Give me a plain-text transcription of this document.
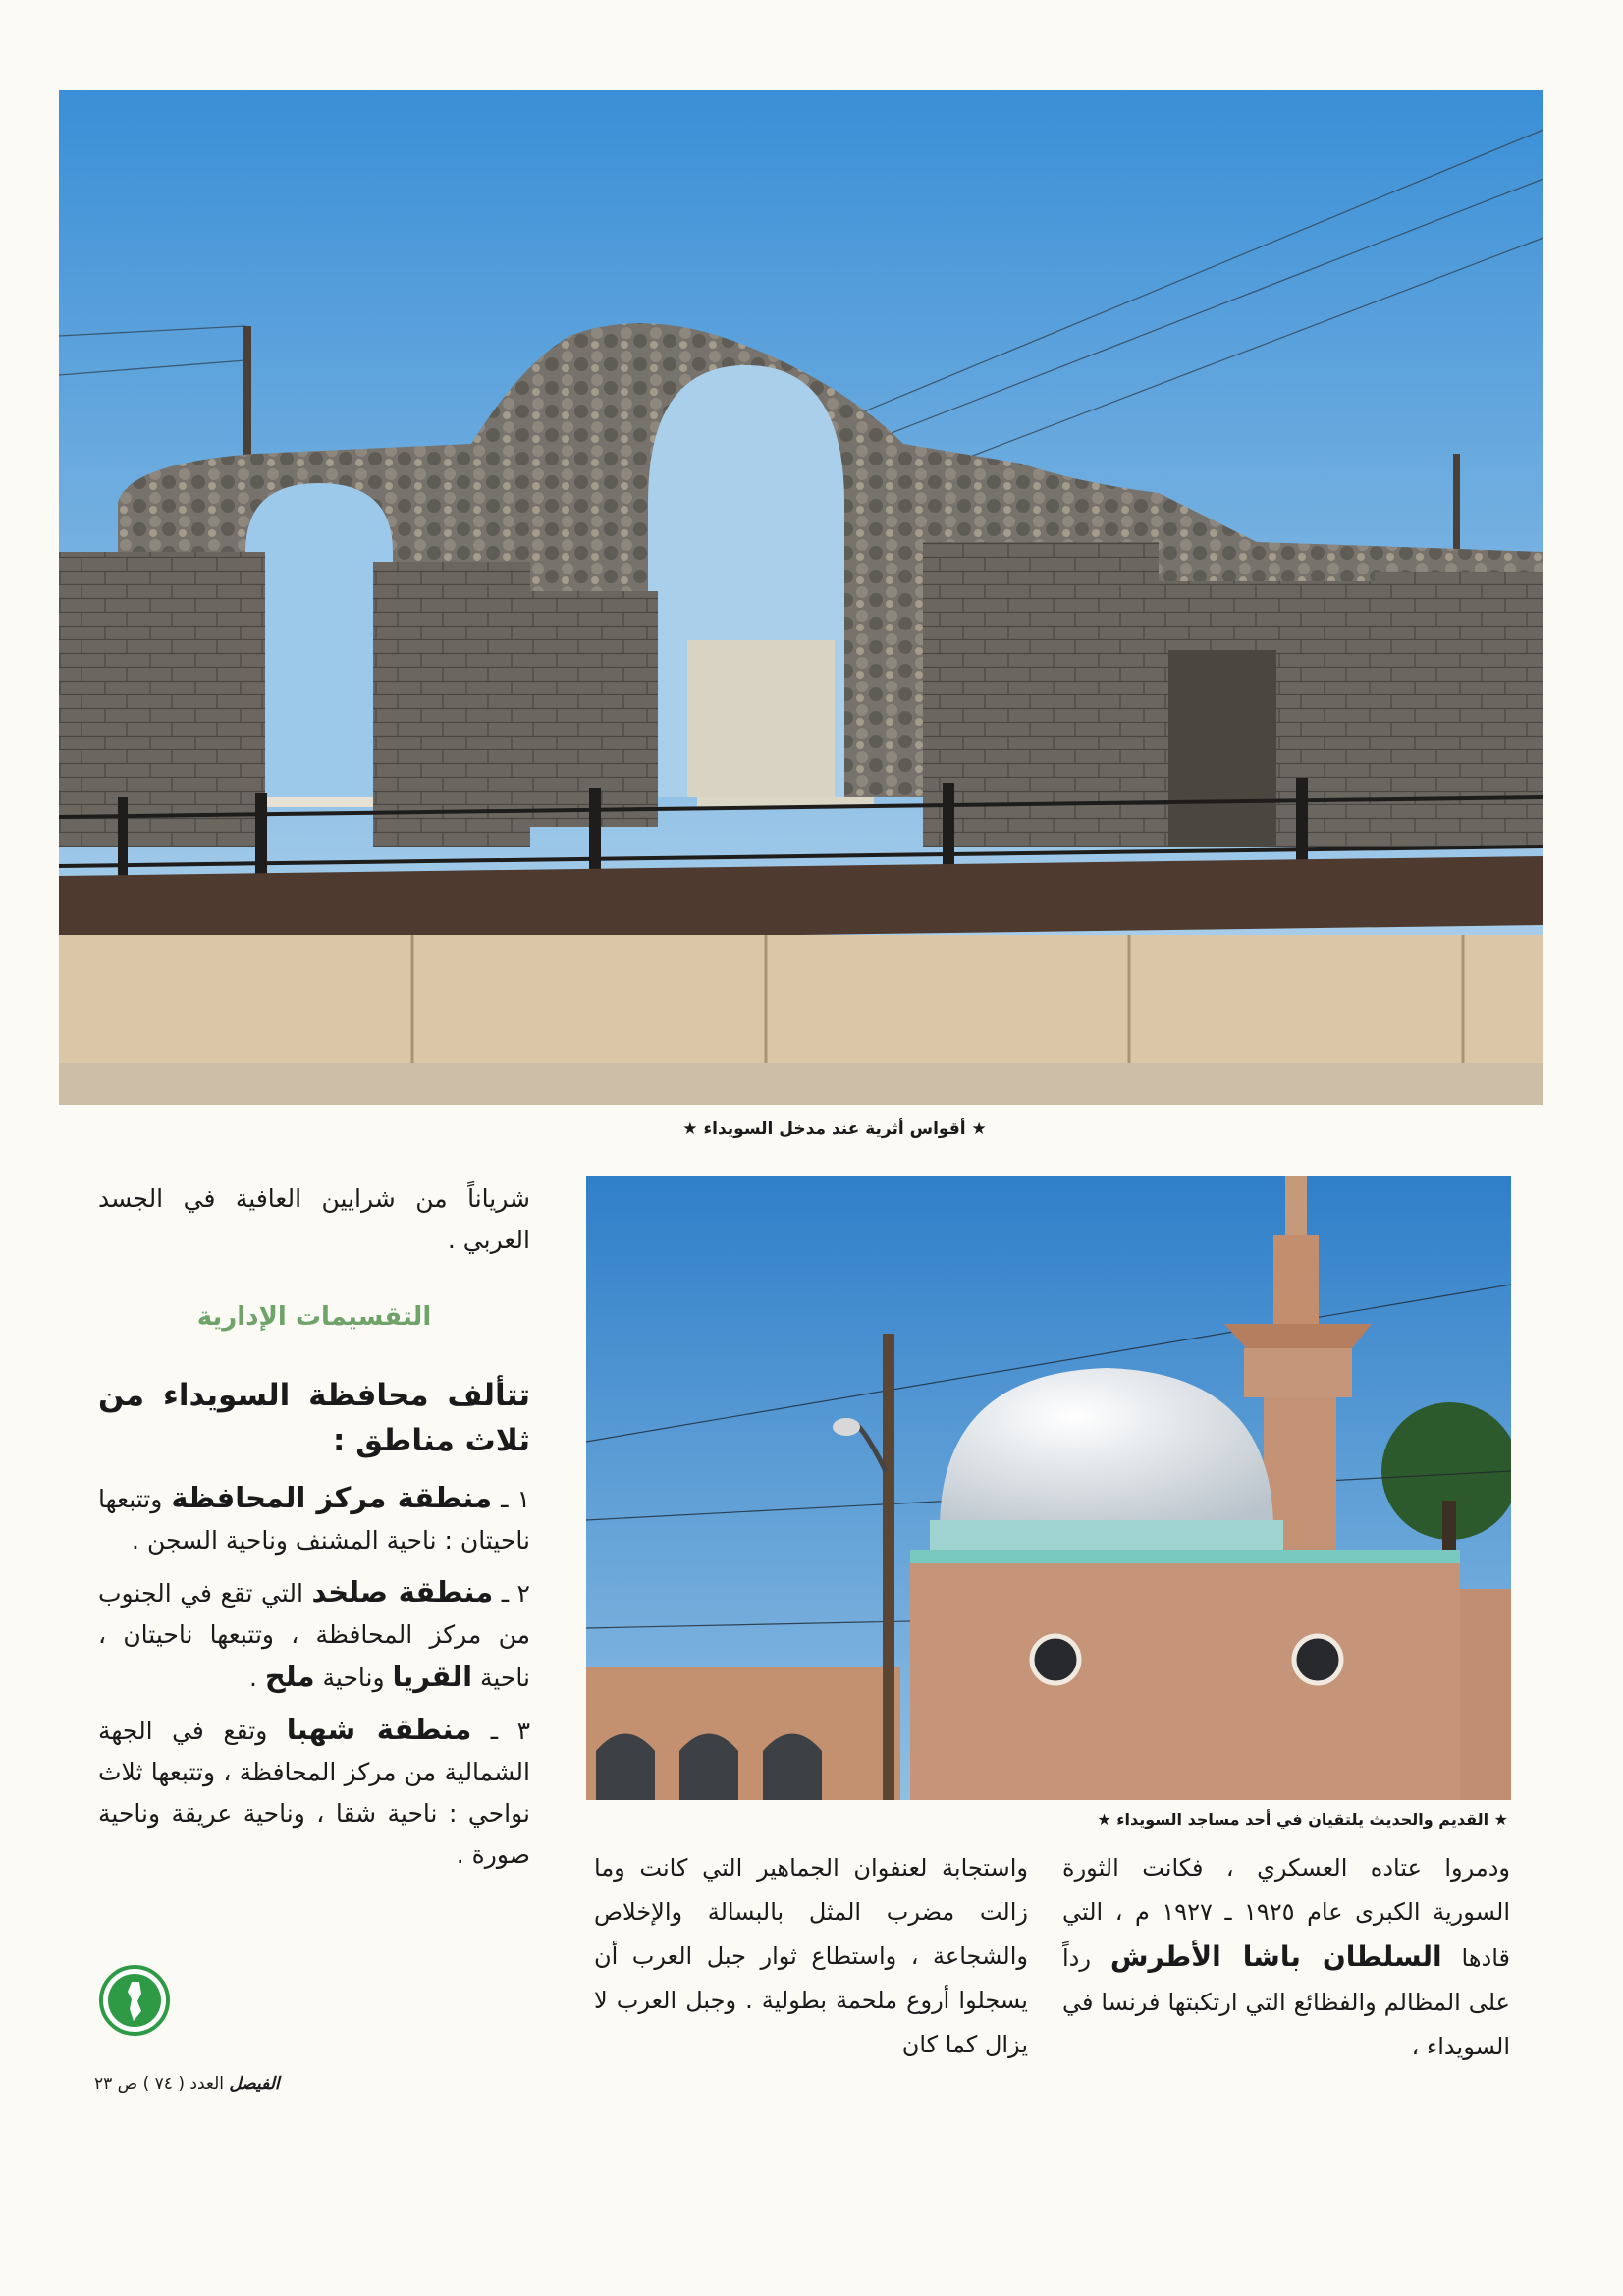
★ أقواس أثرية عند مدخل السويداء ★
★ القديم والحديث يلتقيان في أحد مساجد السويداء ★

شرياناً من شرايين العافية في الجسد العربي .

التقسيمات الإدارية

تتألف محافظة السويداء من ثلاث مناطق :

١ ـ منطقة مركز المحافظة وتتبعها ناحيتان : ناحية المشنف وناحية السجن .

٢ ـ منطقة صلخد التي تقع في الجنوب من مركز المحافظة ، وتتبعها ناحيتان ، ناحية القريا وناحية ملح .

٣ ـ منطقة شهبا وتقع في الجهة الشمالية من مركز المحافظة ، وتتبعها ثلاث نواحي : ناحية شقا ، وناحية عريقة وناحية صورة .	ودمروا عتاده العسكري ، فكانت الثورة السورية الكبرى عام ١٩٢٥ ـ ١٩٢٧ م ، التي قادها السلطان باشا الأطرش رداً على المظالم والفظائع التي ارتكبتها فرنسا في السويداء ،

واستجابة لعنفوان الجماهير التي كانت وما زالت مضرب المثل بالبسالة والإخلاص والشجاعة ، واستطاع ثوار جبل العرب أن يسجلوا أروع ملحمة بطولية . وجبل العرب لا يزال كما كان

الفيصل العدد ( ٧٤ ) ص ٢٣
